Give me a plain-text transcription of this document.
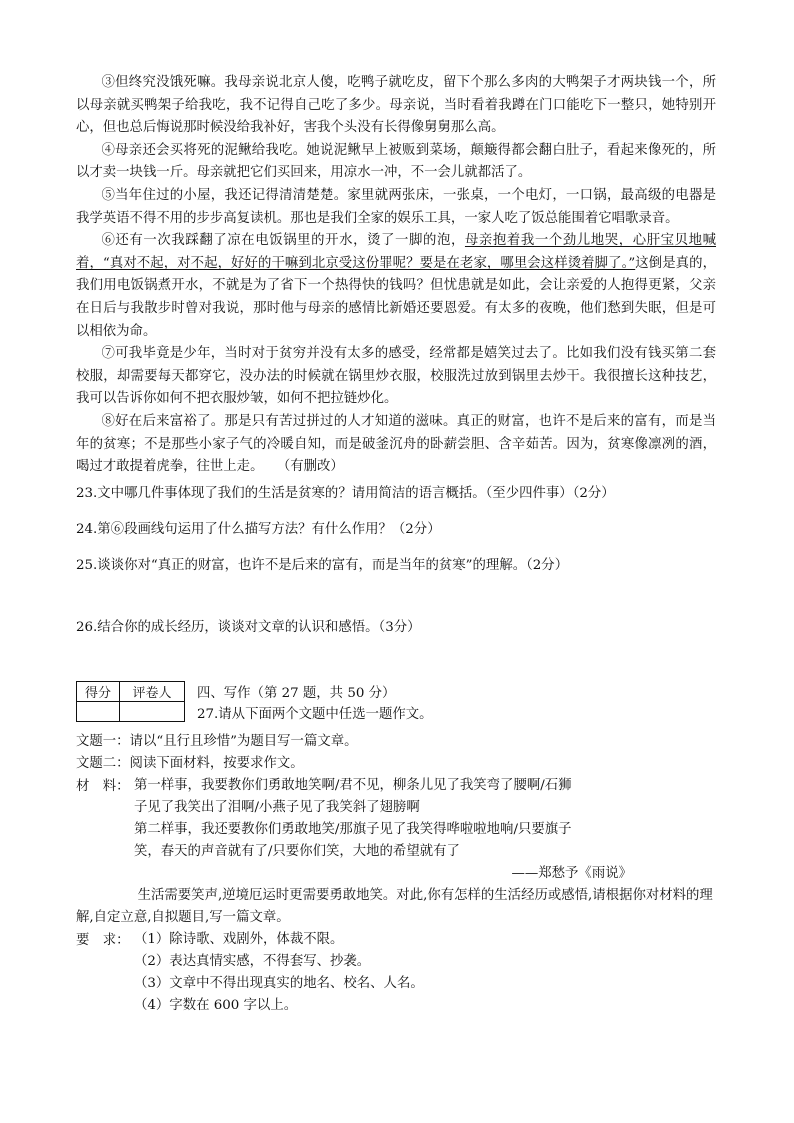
③但终究没饿死嘛。我母亲说北京人傻，吃鸭子就吃皮，留下个那么多肉的大鸭架子才两块钱一个，所以母亲就买鸭架子给我吃，我不记得自己吃了多少。母亲说，当时看着我蹲在门口能吃下一整只，她特别开心，但也总后悔说那时候没给我补好，害我个头没有长得像舅舅那么高。

④母亲还会买将死的泥鳅给我吃。她说泥鳅早上被贩到菜场，颠簸得都会翻白肚子，看起来像死的，所以才卖一块钱一斤。母亲就把它们买回来，用凉水一冲，不一会儿就都活了。

⑤当年住过的小屋，我还记得清清楚楚。家里就两张床，一张桌，一个电灯，一口锅，最高级的电器是我学英语不得不用的步步高复读机。那也是我们全家的娱乐工具，一家人吃了饭总能围着它唱歌录音。

⑥还有一次我踩翻了凉在电饭锅里的开水，烫了一脚的泡，母亲抱着我一个劲儿地哭，心肝宝贝地喊着，“真对不起，对不起，好好的干嘛到北京受这份罪呢？要是在老家，哪里会这样烫着脚了。”这倒是真的，我们用电饭锅煮开水，不就是为了省下一个热得快的钱吗？但忧患就是如此，会让亲爱的人抱得更紧，父亲在日后与我散步时曾对我说，那时他与母亲的感情比新婚还要恩爱。有太多的夜晚，他们愁到失眠，但是可以相依为命。

⑦可我毕竟是少年，当时对于贫穷并没有太多的感受，经常都是嬉笑过去了。比如我们没有钱买第二套校服，却需要每天都穿它，没办法的时候就在锅里炒衣服，校服洗过放到锅里去炒干。我很擅长这种技艺，我可以告诉你如何不把衣服炒皱，如何不把拉链炒化。

⑧好在后来富裕了。那是只有苦过拼过的人才知道的滋味。真正的财富，也许不是后来的富有，而是当年的贫寒；不是那些小家子气的冷暖自知，而是破釜沉舟的卧薪尝胆、含辛茹苦。因为，贫寒像凛冽的酒，喝过才敢提着虎拳，往世上走。　　（有删改）

23.文中哪几件事体现了我们的生活是贫寒的？请用简洁的语言概括。（至少四件事）（2分）

24.第⑥段画线句运用了什么描写方法？有什么作用？（2分）

25.谈谈你对“真正的财富，也许不是后来的富有，而是当年的贫寒”的理解。（2分）

26.结合你的成长经历，谈谈对文章的认识和感悟。（3分）

得分	评卷人
	四、写作（第 27 题，共 50 分）
27.请从下面两个文题中任选一题作文。

文题一：请以“且行且珍惜”为题目写一篇文章。

文题二：阅读下面材料，按要求作文。

材　料： 第一样事，我要教你们勇敢地笑啊/君不见，柳条儿见了我笑弯了腰啊/石狮

子见了我笑出了泪啊/小燕子见了我笑斜了翅膀啊

第二样事，我还要教你们勇敢地笑/那旗子见了我笑得哗啦啦地响/只要旗子

笑，春天的声音就有了/只要你们笑，大地的希望就有了

——郑愁予《雨说》

生活需要笑声,逆境厄运时更需要勇敢地笑。对此,你有怎样的生活经历或感悟,请根据你对材料的理解,自定立意,自拟题目,写一篇文章。

要　求： （1）除诗歌、戏剧外，体裁不限。

（2）表达真情实感，不得套写、抄袭。

（3）文章中不得出现真实的地名、校名、人名。

（4）字数在 600 字以上。
